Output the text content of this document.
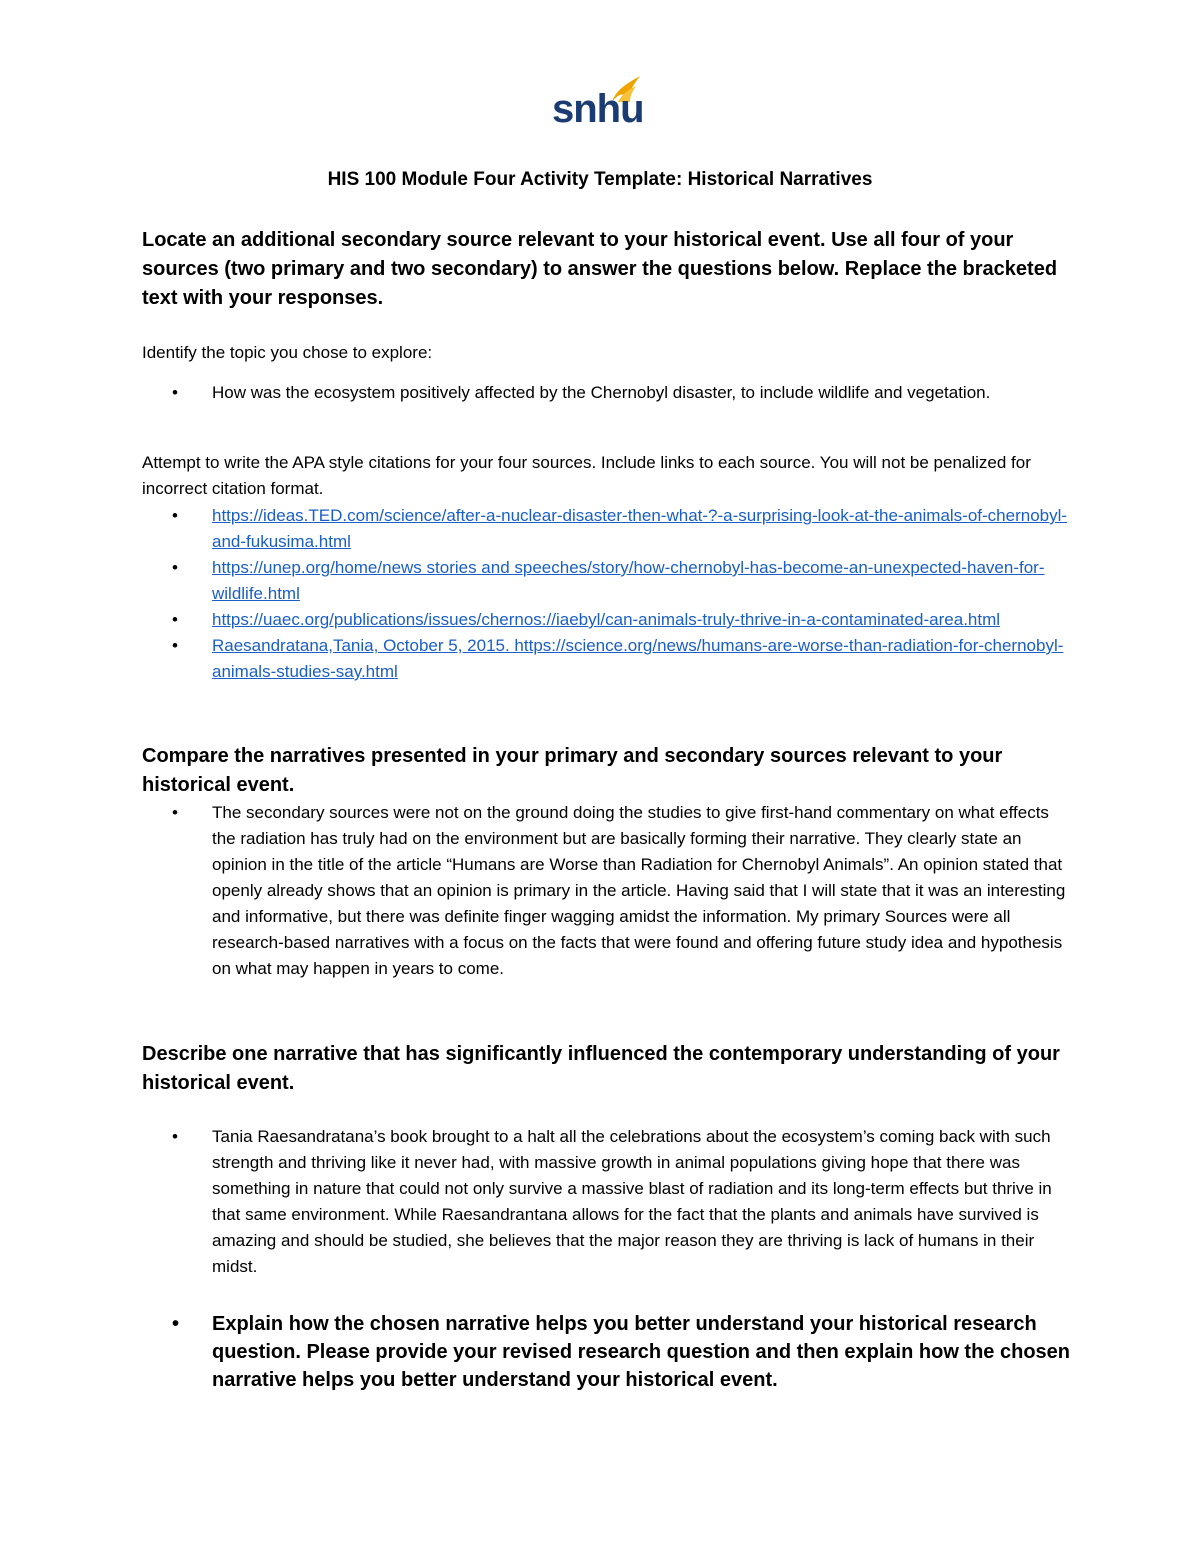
snhu
HIS 100 Module Four Activity Template: Historical Narratives

Locate an additional secondary source relevant to your historical event. Use all four of your sources (two primary and two secondary) to answer the questions below. Replace the bracketed text with your responses.

Identify the topic you chose to explore:

• How was the ecosystem positively affected by the Chernobyl disaster, to include wildlife and vegetation.

Attempt to write the APA style citations for your four sources. Include links to each source. You will not be penalized for incorrect citation format.

• https://ideas.TED.com/science/after-a-nuclear-disaster-then-what-?-a-surprising-look-at-the-animals-of-chernobyl-and-fukusima.html
• https://unep.org/home/news stories and speeches/story/how-chernobyl-has-become-an-unexpected-haven-for-wildlife.html
• https://uaec.org/publications/issues/chernos://iaebyl/can-animals-truly-thrive-in-a-contaminated-area.html
• Raesandratana,Tania, October 5, 2015. https://science.org/news/humans-are-worse-than-radiation-for-chernobyl-animals-studies-say.html

Compare the narratives presented in your primary and secondary sources relevant to your historical event.

• The secondary sources were not on the ground doing the studies to give first-hand commentary on what effects the radiation has truly had on the environment but are basically forming their narrative. They clearly state an opinion in the title of the article “Humans are Worse than Radiation for Chernobyl Animals”. An opinion stated that openly already shows that an opinion is primary in the article. Having said that I will state that it was an interesting and informative, but there was definite finger wagging amidst the information. My primary Sources were all research-based narratives with a focus on the facts that were found and offering future study idea and hypothesis on what may happen in years to come.

Describe one narrative that has significantly influenced the contemporary understanding of your historical event.

• Tania Raesandratana’s book brought to a halt all the celebrations about the ecosystem’s coming back with such strength and thriving like it never had, with massive growth in animal populations giving hope that there was something in nature that could not only survive a massive blast of radiation and its long-term effects but thrive in that same environment. While Raesandrantana allows for the fact that the plants and animals have survived is amazing and should be studied, she believes that the major reason they are thriving is lack of humans in their midst.
• Explain how the chosen narrative helps you better understand your historical research question. Please provide your revised research question and then explain how the chosen narrative helps you better understand your historical event.
